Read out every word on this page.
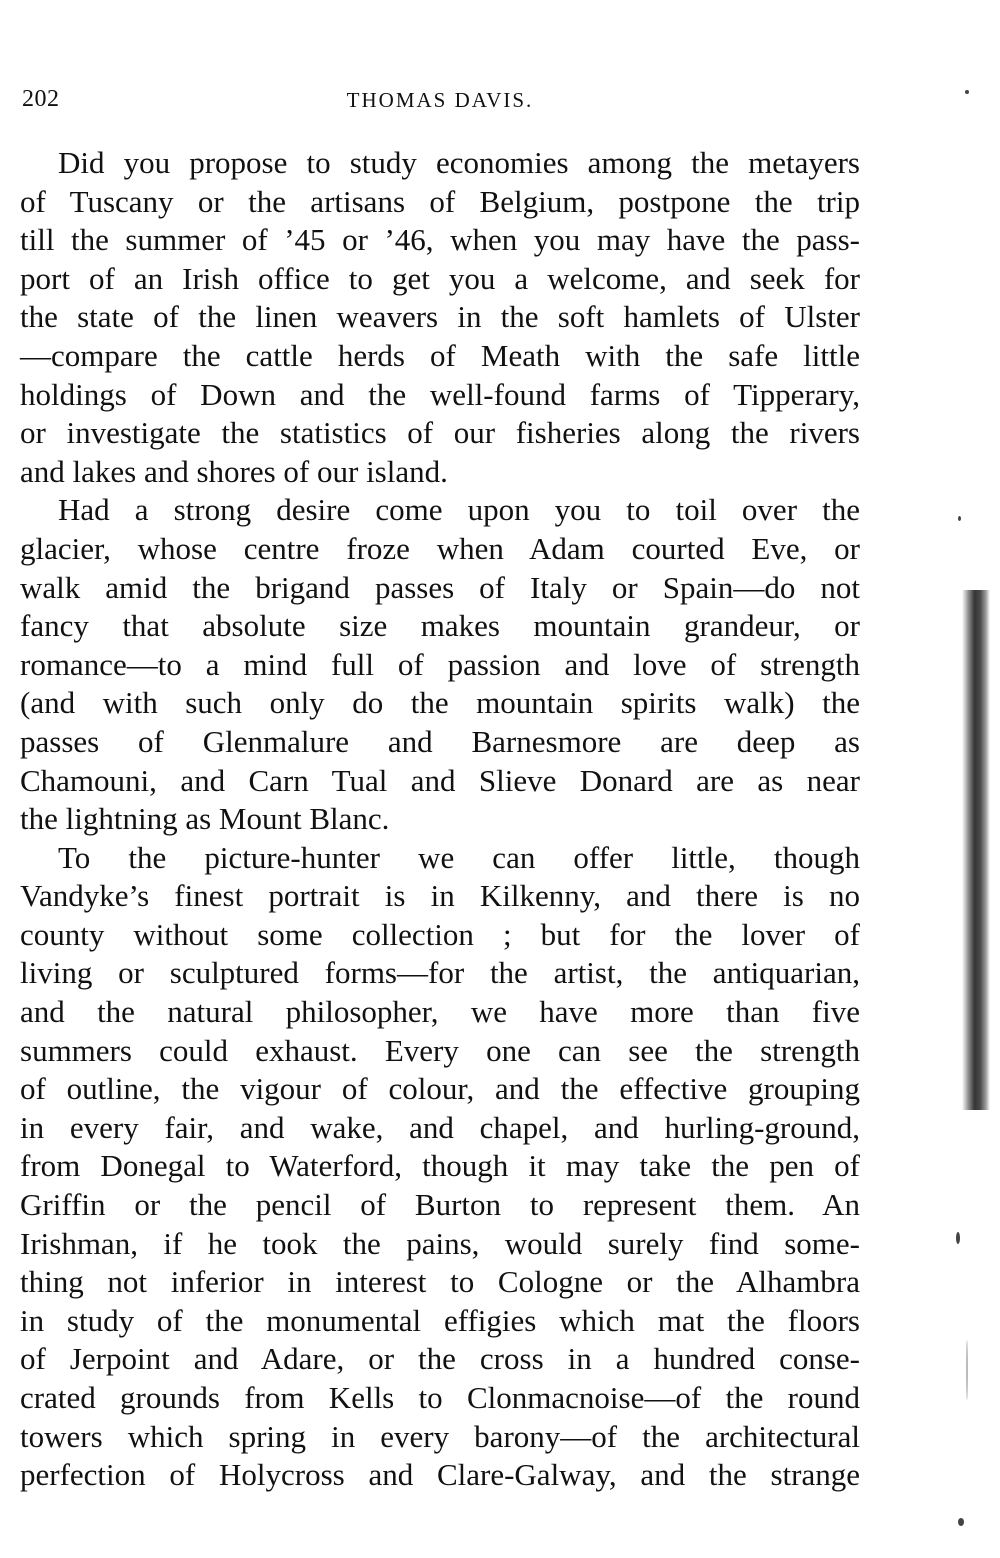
202	THOMAS DAVIS.
Did you propose to study economies among the metayers
of Tuscany or the artisans of Belgium, postpone the trip
till the summer of ’45 or ’46, when you may have the pass-
port of an Irish office to get you a welcome, and seek for
the state of the linen weavers in the soft hamlets of Ulster
—compare the cattle herds of Meath with the safe little
holdings of Down and the well-found farms of Tipperary,
or investigate the statistics of our fisheries along the rivers
and lakes and shores of our island.
Had a strong desire come upon you to toil over the
glacier, whose centre froze when Adam courted Eve, or
walk amid the brigand passes of Italy or Spain—do not
fancy that absolute size makes mountain grandeur, or
romance—to a mind full of passion and love of strength
(and with such only do the mountain spirits walk) the
passes of Glenmalure and Barnesmore are deep as
Chamouni, and Carn Tual and Slieve Donard are as near
the lightning as Mount Blanc.
To the picture-hunter we can offer little, though
Vandyke’s finest portrait is in Kilkenny, and there is no
county without some collection ; but for the lover of
living or sculptured forms—for the artist, the antiquarian,
and the natural philosopher, we have more than five
summers could exhaust. Every one can see the strength
of outline, the vigour of colour, and the effective grouping
in every fair, and wake, and chapel, and hurling-ground,
from Donegal to Waterford, though it may take the pen of
Griffin or the pencil of Burton to represent them. An
Irishman, if he took the pains, would surely find some-
thing not inferior in interest to Cologne or the Alhambra
in study of the monumental effigies which mat the floors
of Jerpoint and Adare, or the cross in a hundred conse-
crated grounds from Kells to Clonmacnoise—of the round
towers which spring in every barony—of the architectural
perfection of Holycross and Clare-Galway, and the strange
